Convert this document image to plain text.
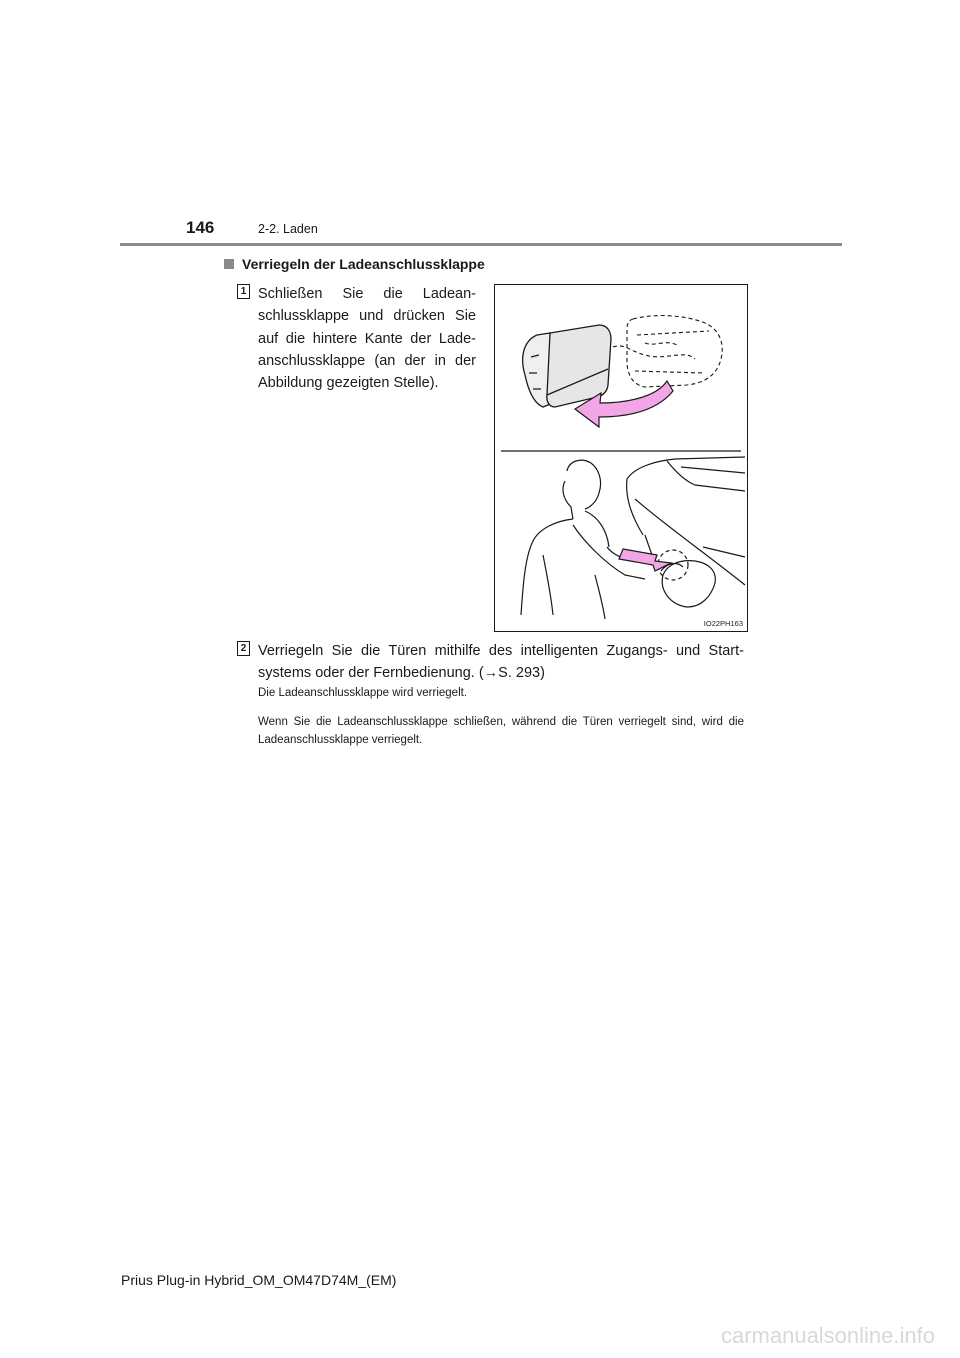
146	2-2. Laden
Verriegeln der Ladeanschlussklappe
1 Schließen Sie die Ladean-schlussklappe und drücken Sie auf die hintere Kante der Lade-anschlussklappe (an der in der Abbildung gezeigten Stelle).
IO22PH163
2 Verriegeln Sie die Türen mithilfe des intelligenten Zugangs- und Start-systems oder der Fernbedienung. (→S. 293)
Die Ladeanschlussklappe wird verriegelt.
Wenn Sie die Ladeanschlussklappe schließen, während die Türen verriegelt sind, wird die Ladeanschlussklappe verriegelt.
Prius Plug-in Hybrid_OM_OM47D74M_(EM)
carmanualsonline.info
